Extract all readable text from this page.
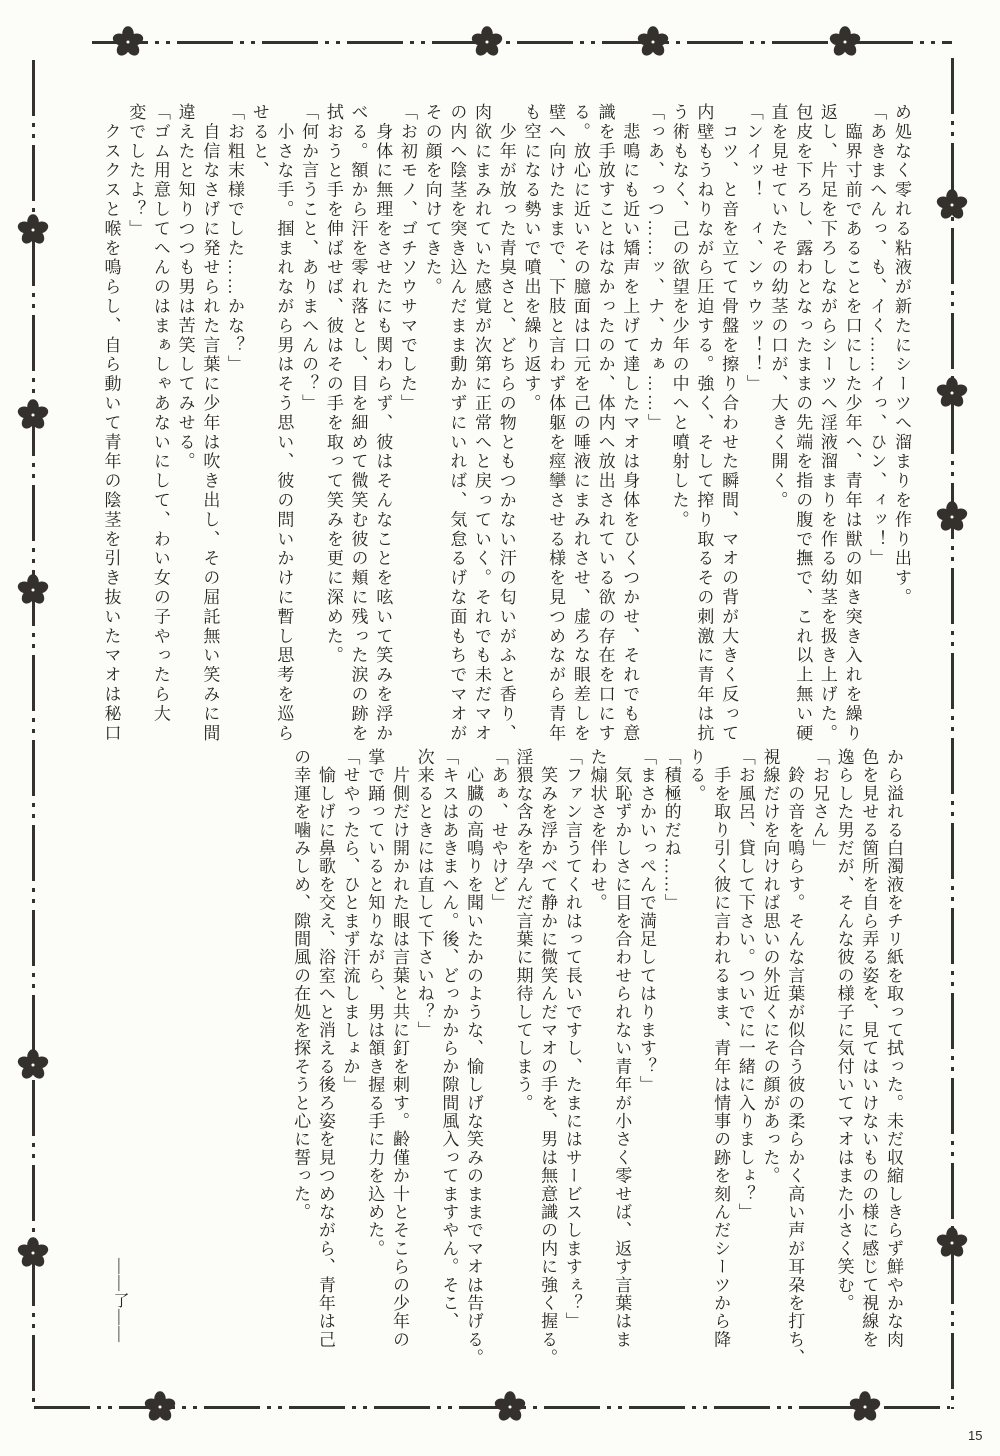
め処なく零れる粘液が新たにシーツへ溜まりを作り出す。
「あきまへんっ、も、イく……イっ、ひン、ィッ！」
　臨界寸前であることを口にした少年へ、青年は獣の如き突き入れを繰り
返し、片足を下ろしながらシーツへ淫液溜まりを作る幼茎を扱き上げた。
包皮を下ろし、露わとなったままの先端を指の腹で撫で、これ以上無い硬
直を見せていたその幼茎の口が、大きく開く。
「ンイッ！　ィ、ンゥウッ！！」
　コツ、と音を立てて骨盤を擦り合わせた瞬間、マオの背が大きく反って
内壁もうねりながら圧迫する。強く、そして搾り取るその刺激に青年は抗
う術もなく、己の欲望を少年の中へと噴射した。
「っあ、っつ……ッ、ナ、カぁ……」
　悲鳴にも近い矯声を上げて達したマオは身体をひくつかせ、それでも意
識を手放すことはなかったのか、体内へ放出されている欲の存在を口にす
る。放心に近いその臆面は口元を己の唾液にまみれさせ、虚ろな眼差しを
壁へ向けたままで、下肢と言わず体躯を痙攣させる様を見つめながら青年
も空になる勢いで噴出を繰り返す。
　少年が放った青臭さと、どちらの物ともつかない汗の匂いがふと香り、
肉欲にまみれていた感覚が次第に正常へと戻っていく。それでも未だマオ
の内へ陰茎を突き込んだまま動かずにいれば、気怠るげな面もちでマオが
その顔を向けてきた。
「お初モノ、ゴチソウサマでした」
　身体に無理をさせたにも関わらず、彼はそんなことを呟いて笑みを浮か
べる。額から汗を零れ落とし、目を細めて微笑む彼の頬に残った涙の跡を
拭おうと手を伸ばせば、彼はその手を取って笑みを更に深めた。
「何か言うこと、ありまへんの？」
　小さな手。掴まれながら男はそう思い、彼の問いかけに暫し思考を巡ら
せると、
「お粗末様でした……かな？」
　自信なさげに発せられた言葉に少年は吹き出し、その屈託無い笑みに間
違えたと知りつつも男は苦笑してみせる。
「ゴム用意してへんのはまぁしゃあないにして、わい女の子やったら大
変でしたよ？」
　クスクスと喉を鳴らし、自ら動いて青年の陰茎を引き抜いたマオは秘口
から溢れる白濁液をチリ紙を取って拭った。未だ収縮しきらず鮮やかな肉
色を見せる箇所を自ら弄る姿を、見てはいけないものの様に感じて視線を
逸らした男だが、そんな彼の様子に気付いてマオはまた小さく笑む。
「お兄さん」
　鈴の音を鳴らす。そんな言葉が似合う彼の柔らかく高い声が耳朶を打ち、
視線だけを向ければ思いの外近くにその顔があった。
「お風呂、貸して下さい。ついでに一緒に入りましょ？」
　手を取り引く彼に言われるまま、青年は情事の跡を刻んだシーツから降
りる。
「積極的だね……」
「まさかいっぺんで満足してはります？」
　気恥ずかしさに目を合わせられない青年が小さく零せば、返す言葉はま
た煽状さを伴わせ。
「ファン言うてくれはって長いですし、たまにはサービスしますぇ？」
　笑みを浮かべて静かに微笑んだマオの手を、男は無意識の内に強く握る。
淫猥な含みを孕んだ言葉に期待してしまう。
「あぁ、せやけど」
　心臓の高鳴りを聞いたかのような、愉しげな笑みのままでマオは告げる。
「キスはあきまへん。後、どっかからか隙間風入ってますやん。そこ、
次来るときには直して下さいね？」
　片側だけ開かれた眼は言葉と共に釘を刺す。齢僅か十とそこらの少年の
掌で踊っていると知りながら、男は頷き握る手に力を込めた。
「せやったら、ひとまず汗流しましょか」
　愉しげに鼻歌を交え、浴室へと消える後ろ姿を見つめながら、青年は己
の幸運を噛みしめ、隙間風の在処を探そうと心に誓った。
――了――
15
